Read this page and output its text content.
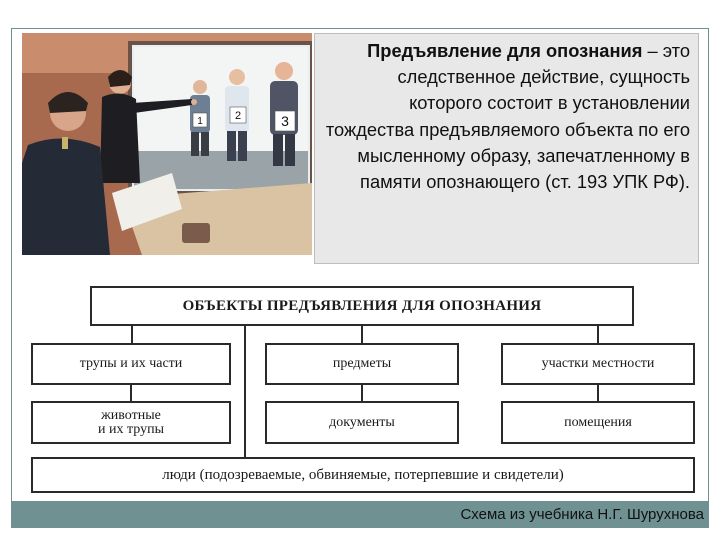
1	2	3
Предъявление для опознания – это следственное действие, сущность которого состоит в установлении тождества предъявляемого объекта по его мысленному образу, запечатленному в памяти опознающего (ст. 193 УПК РФ).
ОБЪЕКТЫ ПРЕДЪЯВЛЕНИЯ ДЛЯ ОПОЗНАНИЯ
трупы и их части	предметы	участки местности
животные
и их трупы	документы	помещения
люди (подозреваемые, обвиняемые, потерпевшие и свидетели)
Схема из учебника Н.Г. Шурухнова
